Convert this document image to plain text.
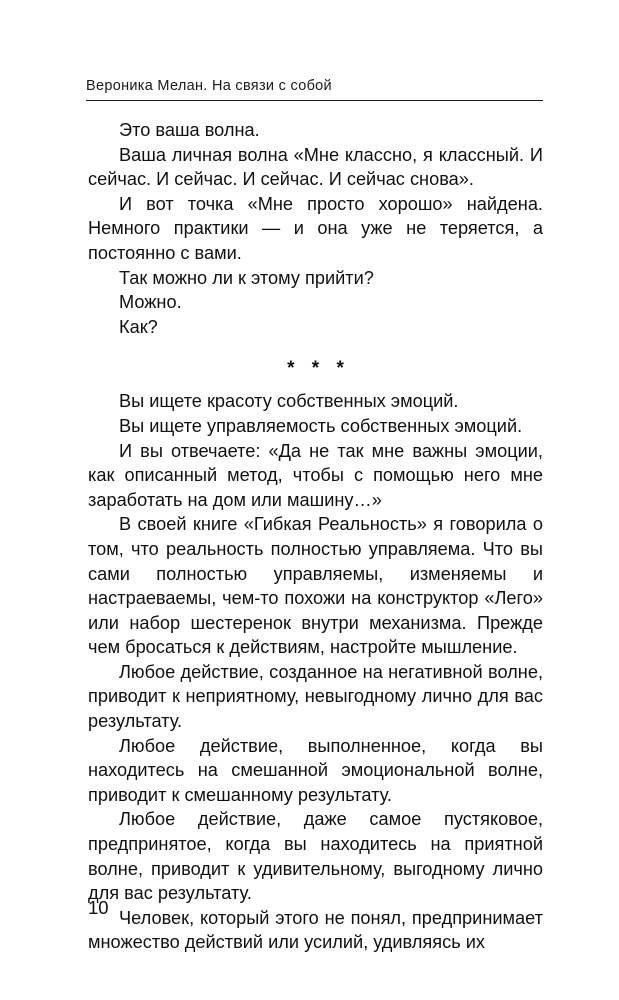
Вероника Мелан. На связи с собой

Это ваша волна.

Ваша личная волна «Мне классно, я классный. И сейчас. И сейчас. И сейчас. И сейчас снова».

И вот точка «Мне просто хорошо» найдена. Немного практики — и она уже не теряется, а постоянно с вами.

Так можно ли к этому прийти?

Можно.

Как?

* * *

Вы ищете красоту собственных эмоций.

Вы ищете управляемость собственных эмоций.

И вы отвечаете: «Да не так мне важны эмоции, как описанный метод, чтобы с помощью него мне заработать на дом или машину…»

В своей книге «Гибкая Реальность» я говорила о том, что реальность полностью управляема. Что вы сами полностью управляемы, изменяемы и настраеваемы, чем-то похожи на конструктор «Лего» или набор шестеренок внутри механизма. Прежде чем бросаться к действиям, настройте мышление.

Любое действие, созданное на негативной волне, приводит к неприятному, невыгодному лично для вас результату.

Любое действие, выполненное, когда вы находитесь на смешанной эмоциональной волне, приводит к смешанному результату.

Любое действие, даже самое пустяковое, предпринятое, когда вы находитесь на приятной волне, приводит к удивительному, выгодному лично для вас результату.

Человек, который этого не понял, предпринимает множество действий или усилий, удивляясь их

10
